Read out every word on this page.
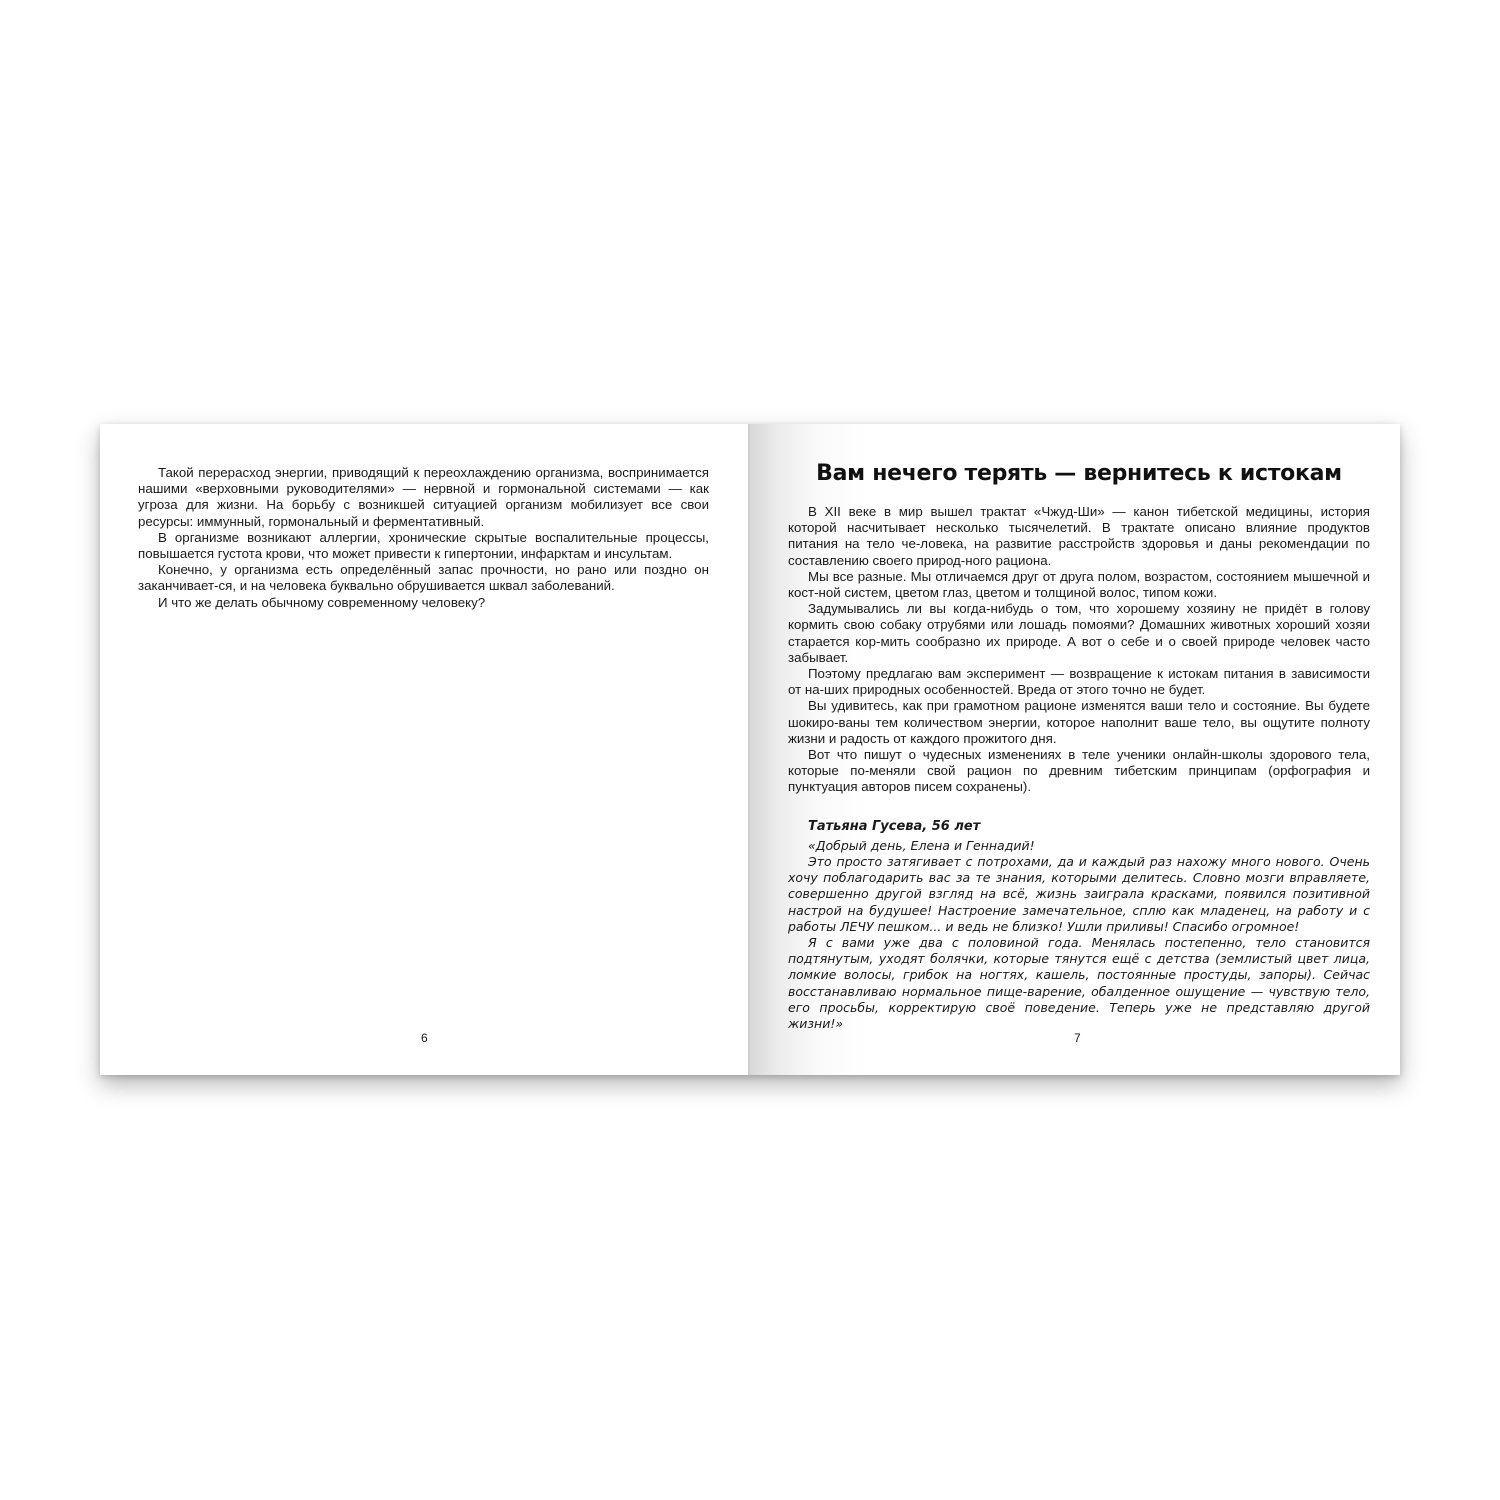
Такой перерасход энергии, приводящий к переохлаждению организма, воспринимается нашими «верховными руководителями» — нервной и гормональной системами — как угроза для жизни. На борьбу с возникшей ситуацией организм мобилизует все свои ресурсы: иммунный, гормональный и ферментативный.

В организме возникают аллергии, хронические скрытые воспалительные процессы, повышается густота крови, что может привести к гипертонии, инфарктам и инсультам.

Конечно, у организма есть определённый запас прочности, но рано или поздно он заканчивает-ся, и на человека буквально обрушивается шквал заболеваний.

И что же делать обычному современному человеку?

6
Вам нечего терять — вернитесь к истокам

В XII веке в мир вышел трактат «Чжуд-Ши» — канон тибетской медицины, история которой насчитывает несколько тысячелетий. В трактате описано влияние продуктов питания на тело че-ловека, на развитие расстройств здоровья и даны рекомендации по составлению своего природ-ного рациона.

Мы все разные. Мы отличаемся друг от друга полом, возрастом, состоянием мышечной и кост-ной систем, цветом глаз, цветом и толщиной волос, типом кожи.

Задумывались ли вы когда-нибудь о том, что хорошему хозяину не придёт в голову кормить свою собаку отрубями или лошадь помоями? Домашних животных хороший хозяи старается кор-мить сообразно их природе. А вот о себе и о своей природе человек часто забывает.

Поэтому предлагаю вам эксперимент — возвращение к истокам питания в зависимости от на-ших природных особенностей. Вреда от этого точно не будет.

Вы удивитесь, как при грамотном рационе изменятся ваши тело и состояние. Вы будете шокиро-ваны тем количеством энергии, которое наполнит ваше тело, вы ощутите полноту жизни и радость от каждого прожитого дня.

Вот что пишут о чудесных изменениях в теле ученики онлайн-школы здорового тела, которые по-меняли свой рацион по древним тибетским принципам (орфография и пунктуация авторов писем сохранены).

Татьяна Гусева, 56 лет

«Добрый день, Елена и Геннадий!

Это просто затягивает с потрохами, да и каждый раз нахожу много нового. Очень хочу поблагодарить вас за те знания, которыми делитесь. Словно мозги вправляете, совершенно другой взгляд на всё, жизнь заиграла красками, появился позитивной настрой на будушее! Настроение замечательное, сплю как младенец, на работу и с работы ЛЕЧУ пешком... и ведь не близко! Ушли приливы! Спасибо огромное!

Я с вами уже два с половиной года. Менялась постепенно, тело становится подтянутым, уходят болячки, которые тянутся ещё с детства (землистый цвет лица, ломкие волосы, грибок на ногтях, кашель, постоянные простуды, запоры). Сейчас восстанавливаю нормальное пище-варение, обалденное ошущение — чувствую тело, его просьбы, корректирую своё поведение. Теперь уже не представляю другой жизни!»

7
